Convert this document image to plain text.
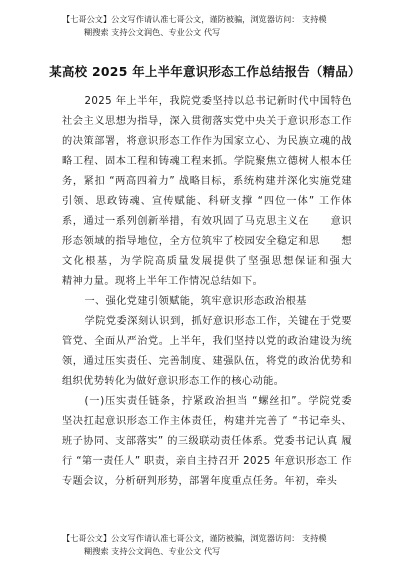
【七哥公文】公文写作请认准七哥公文，谨防被骗，浏览器访问： 支持模
糊搜索 支持公文润色、专业公文 代写
某高校 2025 年上半年意识形态工作总结报告（精品）

2025 年上半年，我院党委坚持以总书记新时代中国特色社会主义思想为指导，深入贯彻落实党中央关于意识形态工作的决策部署，将意识形态工作作为国家立心、为民族立魂的战略工程、固本工程和铸魂工程来抓。学院聚焦立德树人根本任务，紧扣 “两高四着力” 战略目标，系统构建并深化实施党建引领、思政铸魂、宣传赋能、科研支撑 “四位一体” 工作体系，通过一系列创新举措，有效巩固了马克思主义在　　意识形态领域的指导地位，全方位筑牢了校园安全稳定和思　　想文化根基，为学院高质量发展提供了坚强思想保证和强大　　精神力量。现将上半年工作情况总结如下。

一、强化党建引领赋能，筑牢意识形态政治根基

学院党委深刻认识到，抓好意识形态工作，关键在于党要管党、全面从严治党。上半年，我们坚持以党的政治建设为统领，通过压实责任、完善制度、建强队伍，将党的政治优势和组织优势转化为做好意识形态工作的核心动能。

(一)压实责任链条，拧紧政治担当 “螺丝扣”。学院党委 坚决扛起意识形态工作主体责任，构建并完善了 “书记牵头、 班子协同、支部落实” 的三级联动责任体系。党委书记认真 履行 “第一责任人” 职责，亲自主持召开 2025 年意识形态工 作专题会议，分析研判形势，部署年度重点任务。年初，牵头

【七哥公文】公文写作请认准七哥公文，谨防被骗，浏览器访问： 支持模
糊搜索 支持公文润色、专业公文 代写
